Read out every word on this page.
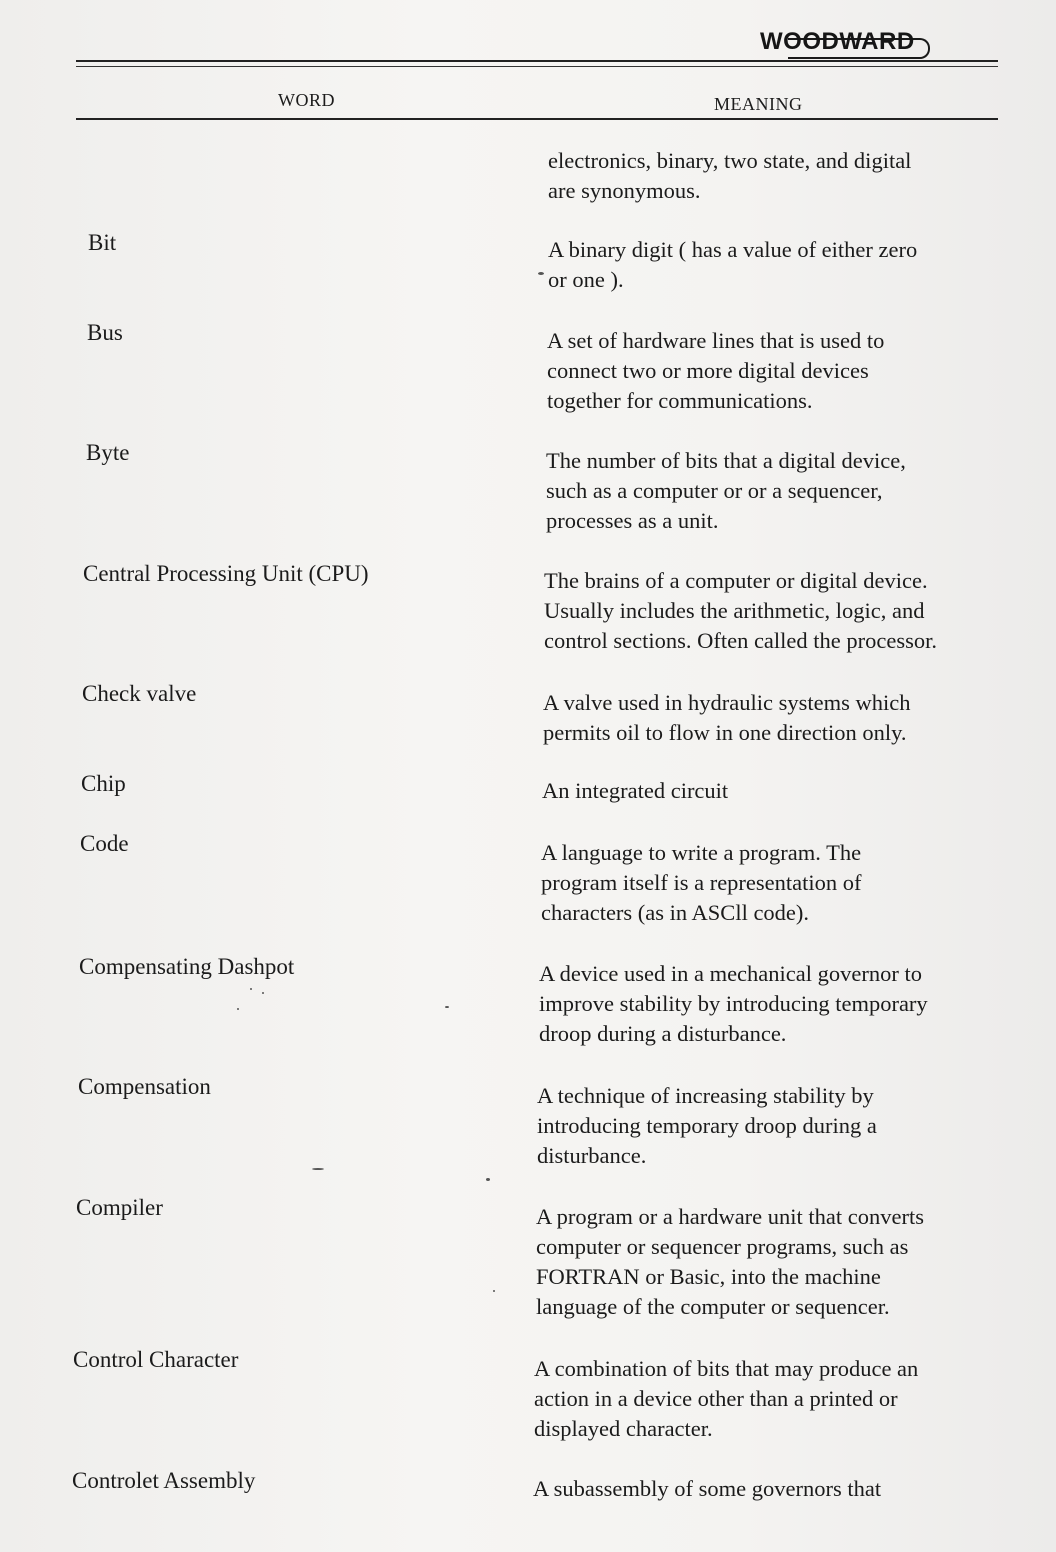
WOODWARD
WORD	MEANING
electronics, binary, two state, and digital
are synonymous.
Bit	A binary digit ( has a value of either zero
or one ).
Bus	A set of hardware lines that is used to
connect two or more digital devices
together for communications.
Byte	The number of bits that a digital device,
such as a computer or or a sequencer,
processes as a unit.
Central Processing Unit (CPU)	The brains of a computer or digital device.
Usually includes the arithmetic, logic, and
control sections. Often called the processor.
Check valve	A valve used in hydraulic systems which
permits oil to flow in one direction only.
Chip	An integrated circuit
Code	A language to write a program. The
program itself is a representation of
characters (as in ASCll code).
Compensating Dashpot	A device used in a mechanical governor to
improve stability by introducing temporary
droop during a disturbance.
Compensation	A technique of increasing stability by
introducing temporary droop during a
disturbance.
Compiler	A program or a hardware unit that converts
computer or sequencer programs, such as
FORTRAN or Basic, into the machine
language of the computer or sequencer.
Control Character	A combination of bits that may produce an
action in a device other than a printed or
displayed character.
Controlet Assembly	A subassembly of some governors that
